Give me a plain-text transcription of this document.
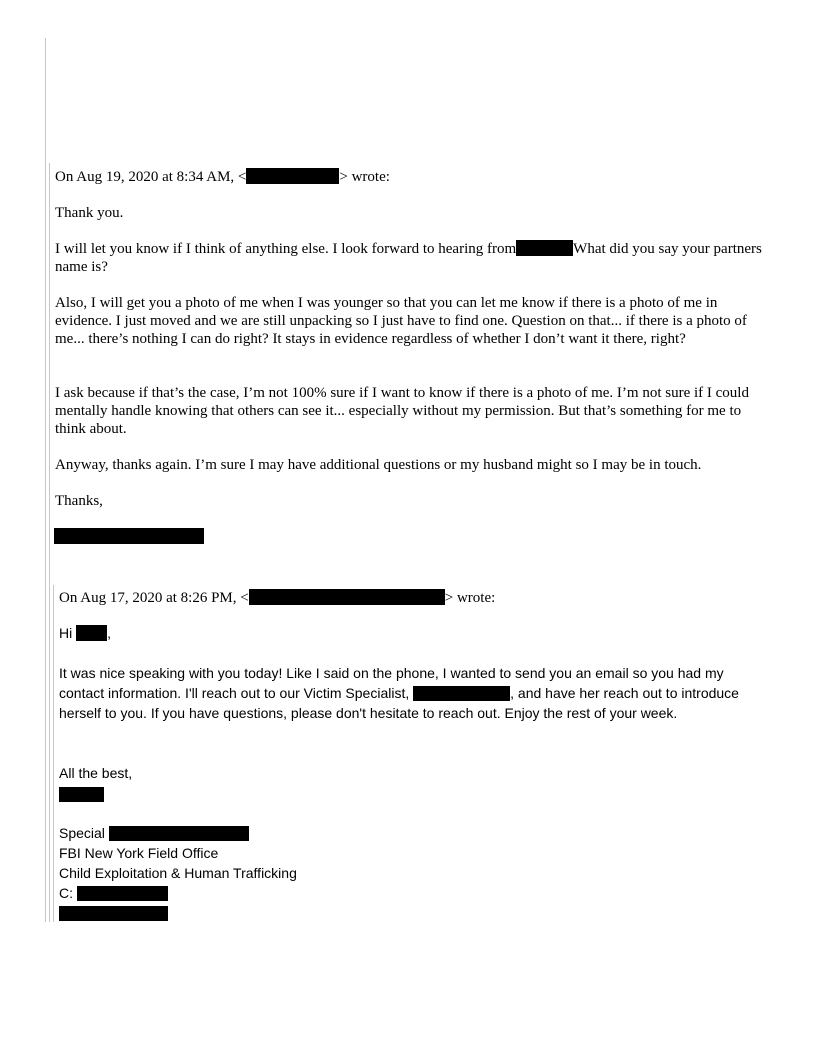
On Aug 19, 2020 at 8:34 AM, <	> wrote:

Thank you.

I will let you know if I think of anything else. I look forward to hearing from	What did you say your partners name is?

Also, I will get you a photo of me when I was younger so that you can let me know if there is a photo of me in evidence. I just moved and we are still unpacking so I just have to find one. Question on that... if there is a photo of me... there’s nothing I can do right? It stays in evidence regardless of whether I don’t want it there, right?

I ask because if that’s the case, I’m not 100% sure if I want to know if there is a photo of me. I’m not sure if I could mentally handle knowing that others can see it... especially without my permission. But that’s something for me to think about.

Anyway, thanks again. I’m sure I may have additional questions or my husband might so I may be in touch.

Thanks,

On Aug 17, 2020 at 8:26 PM, <	> wrote:
Hi ,

It was nice speaking with you today! Like I said on the phone, I wanted to send you an email so you had my contact information. I'll reach out to our Victim Specialist,	, and have her reach out to introduce herself to you. If you have questions, please don't hesitate to reach out. Enjoy the rest of your week.

All the best,

Special
FBI New York Field Office
Child Exploitation & Human Trafficking
C:
